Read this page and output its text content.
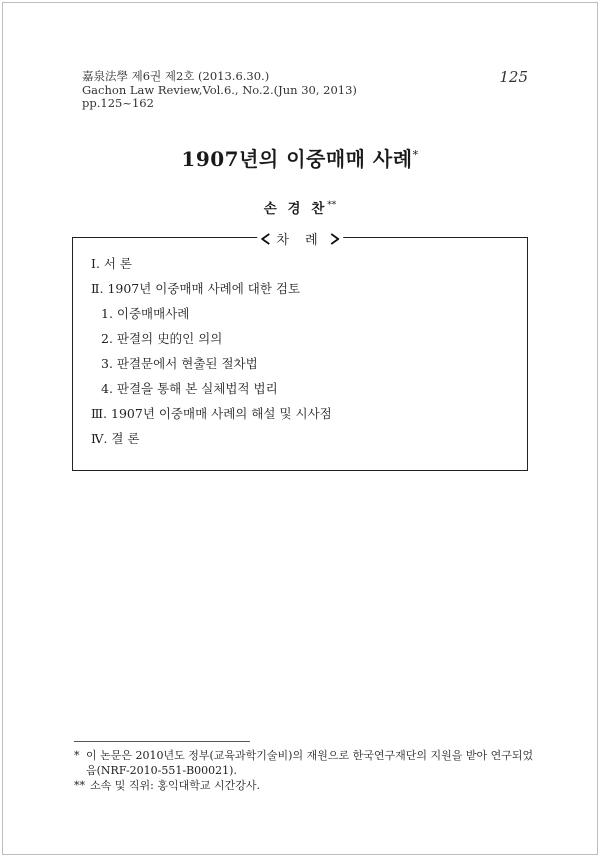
嘉泉法學 제6권 제2호 (2013.6.30.)
Gachon Law Review,Vol.6., No.2.(Jun 30, 2013)
pp.125~162
125
1907년의 이중매매 사례*
손 경 찬**
차 례
Ⅰ. 서 론
Ⅱ. 1907년 이중매매 사례에 대한 검토
1. 이중매매사례
2. 판결의 史的인 의의
3. 판결문에서 현출된 절차법
4. 판결을 통해 본 실체법적 법리
Ⅲ. 1907년 이중매매 사례의 해설 및 시사점
Ⅳ. 결 론
* 이 논문은 2010년도 정부(교육과학기술비)의 재원으로 한국연구재단의 지원을 받아 연구되었음(NRF-2010-551-B00021).
** 소속 및 직위: 홍익대학교 시간강사.
